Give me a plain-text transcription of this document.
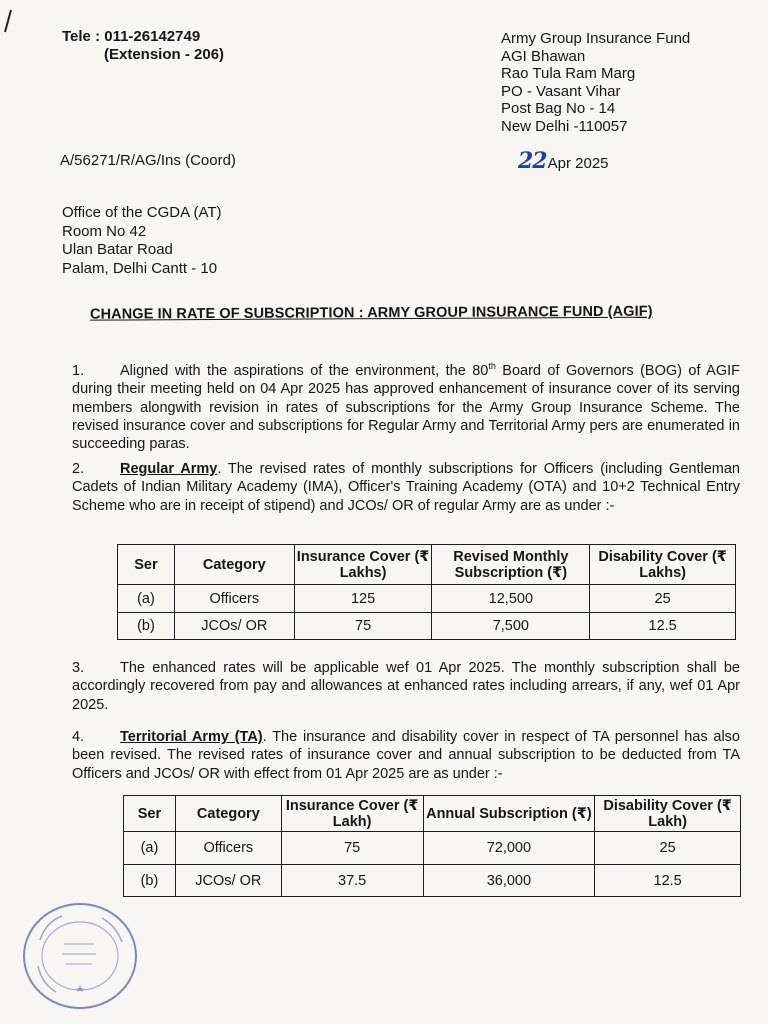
Tele : 011-26142749
(Extension - 206)
Army Group Insurance Fund
AGI Bhawan
Rao Tula Ram Marg
PO - Vasant Vihar
Post Bag No - 14
New Delhi -110057
A/56271/R/AG/Ins (Coord)	22Apr 2025
Office of the CGDA (AT)
Room No 42
Ulan Batar Road
Palam, Delhi Cantt - 10
CHANGE IN RATE OF SUBSCRIPTION : ARMY GROUP INSURANCE FUND (AGIF)
1. Aligned with the aspirations of the environment, the 80th Board of Governors (BOG) of AGIF during their meeting held on 04 Apr 2025 has approved enhancement of insurance cover of its serving members alongwith revision in rates of subscriptions for the Army Group Insurance Scheme. The revised insurance cover and subscriptions for Regular Army and Territorial Army pers are enumerated in succeeding paras.
2. Regular Army. The revised rates of monthly subscriptions for Officers (including Gentleman Cadets of Indian Military Academy (IMA), Officer's Training Academy (OTA) and 10+2 Technical Entry Scheme who are in receipt of stipend) and JCOs/ OR of regular Army are as under :-
Ser	Category	Insurance Cover (₹ Lakhs)	Revised Monthly Subscription (₹)	Disability Cover (₹ Lakhs)
(a)	Officers	125	12,500	25
(b)	JCOs/ OR	75	7,500	12.5
3. The enhanced rates will be applicable wef 01 Apr 2025. The monthly subscription shall be accordingly recovered from pay and allowances at enhanced rates including arrears, if any, wef 01 Apr 2025.
4. Territorial Army (TA). The insurance and disability cover in respect of TA personnel has also been revised. The revised rates of insurance cover and annual subscription to be deducted from TA Officers and JCOs/ OR with effect from 01 Apr 2025 are as under :-
Ser	Category	Insurance Cover (₹ Lakh)	Annual Subscription (₹)	Disability Cover (₹ Lakh)
(a)	Officers	75	72,000	25
(b)	JCOs/ OR	37.5	36,000	12.5
